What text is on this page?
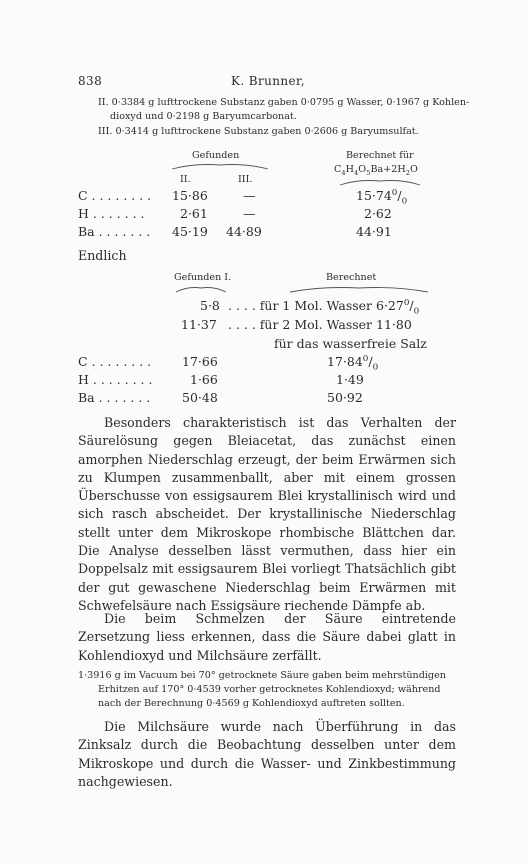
838	K. Brunner,
II. 0·3384 g lufttrockene Substanz gaben 0·0795 g Wasser, 0·1967 g Kohlen-
dioxyd und 0·2198 g Baryumcarbonat.
III. 0·3414 g lufttrockene Substanz gaben 0·2606 g Baryumsulfat.
Gefunden	Berechnet für
$C_4H_4O_5Ba+2H_2O$
II.	III.
C . . . . . . . . 15·86	—	$15\cdot 74^0/_0$
H . . . . . . .	2·61	—	2·62
Ba . . . . . . . 45·19 44·89	44·91
Endlich
Gefunden I.	Berechnet
5·8 . . . . für 1 Mol. Wasser $6\cdot 27^0/_0$
11·37 . . . . für 2 Mol. Wasser 11·80
für das wasserfreie Salz
C . . . . . . . . 17·66	$17\cdot 84^0/_0$
H . . . . . . . .	1·66	1·49
Ba . . . . . . .	50·48	50·92

Besonders charakteristisch ist das Verhalten der Säurelösung gegen Bleiacetat, das zunächst einen amorphen Niederschlag erzeugt, der beim Erwärmen sich zu Klumpen zusammenballt, aber mit einem grossen Überschusse von essigsaurem Blei krystallinisch wird und sich rasch abscheidet. Der krystallinische Niederschlag stellt unter dem Mikroskope rhombische Blättchen dar. Die Analyse desselben lässt vermuthen, dass hier ein Doppelsalz mit essigsaurem Blei vorliegt Thatsächlich gibt der gut gewaschene Niederschlag beim Erwärmen mit Schwefelsäure nach Essigsäure riechende Dämpfe ab.

Die beim Schmelzen der Säure eintretende Zersetzung liess erkennen, dass die Säure dabei glatt in Kohlendioxyd und Milchsäure zerfällt.

1·3916 g im Vacuum bei 70° getrocknete Säure gaben beim mehrstündigen
Erhitzen auf 170° 0·4539 vorher getrocknetes Kohlendioxyd; während
nach der Berechnung 0·4569 g Kohlendioxyd auftreten sollten.

Die Milchsäure wurde nach Überführung in das Zinksalz durch die Beobachtung desselben unter dem Mikroskope und durch die Wasser- und Zinkbestimmung nachgewiesen.
